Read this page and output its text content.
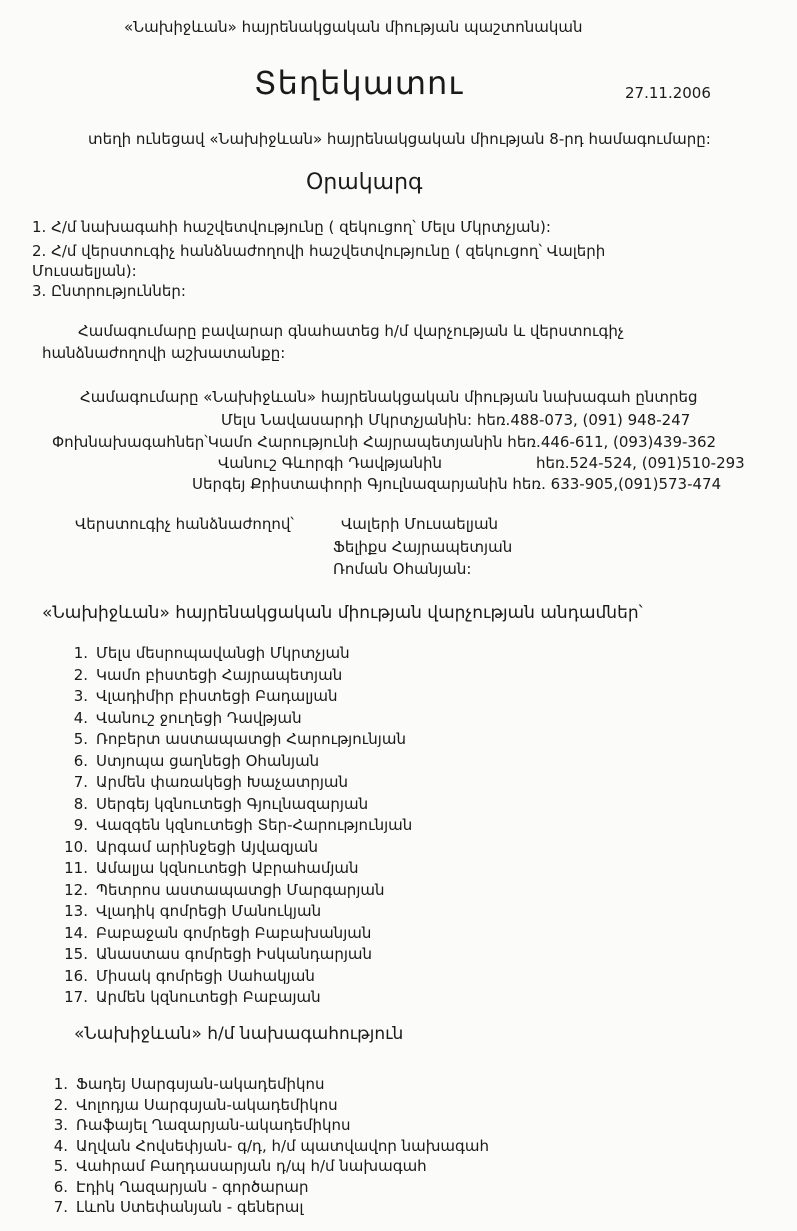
«Նախիջևան» հայրենակցական միության պաշտոնական
Տեղեկատու	27.11.2006
տեղի ունեցավ «Նախիջևան» հայրենակցական միության 8-րդ համագումարը:
Օրակարգ
1. Հ/մ նախագահի հաշվետվությունը ( զեկուցող՝ Մելս Մկրտչյան):
2. Հ/մ վերստուգիչ հանձնաժողովի հաշվետվությունը ( զեկուցող՝ Վալերի
Մուսաելյան):
3. Ընտրություններ:
Համագումարը բավարար գնահատեց հ/մ վարչության և վերստուգիչ
հանձնաժողովի աշխատանքը:
Համագումարը «Նախիջևան» հայրենակցական միության նախագահ ընտրեց
Մելս Նավասարդի Մկրտչյանին: հեռ.488-073, (091) 948-247
Փոխնախագահներ՝Կամո Հարությունի Հայրապետյանին հեռ.446-611, (093)439-362
Վանուշ Գևորգի Դավթյանին	հեռ.524-524, (091)510-293
Սերգեյ Քրիստափորի Գյուլնազարյանին հեռ. 633-905,(091)573-474
Վերստուգիչ հանձնաժողով՝	Վալերի Մուսաելյան
Ֆելիքս Հայրապետյան
Ռոման Օհանյան:
«Նախիջևան» հայրենակցական միության վարչության անդամներ՝
1. Մելս մեսրոպավանցի Մկրտչյան
2. Կամո բիստեցի Հայրապետյան
3. Վլադիմիր բիստեցի Բադալյան
4. Վանուշ ջուղեցի Դավթյան
5. Ռոբերտ աստապատցի Հարությունյան
6. Ստյոպա ցաղնեցի Օհանյան
7. Արմեն փառակեցի Խաչատրյան
8. Սերգեյ կզնուտեցի Գյուլնազարյան
9. Վազգեն կզնուտեցի Տեր-Հարությունյան
10. Արգամ արինջեցի Այվազյան
11. Ամալյա կզնուտեցի Աբրահամյան
12. Պետրոս աստապատցի Մարգարյան
13. Վլադիկ գոմրեցի Մանուկյան
14. Բաբաջան գոմրեցի Բաբախանյան
15. Անաստաս գոմրեցի Իսկանդարյան
16. Միսակ գոմրեցի Սահակյան
17. Արմեն կզնուտեցի Բաբայան
«Նախիջևան» հ/մ նախագահություն
1. Ֆադեյ Սարգսյան-ակադեմիկոս
2. Վոլոդյա Սարգսյան-ակադեմիկոս
3. Ռաֆայել Ղազարյան-ակադեմիկոս
4. Աղվան Հովսեփյան- գ/դ, հ/մ պատվավոր նախագահ
5. Վահրամ Բաղդասարյան դ/պ հ/մ նախագահ
6. Էդիկ Ղազարյան - գործարար
7. Լևոն Ստեփանյան - գեներալ
